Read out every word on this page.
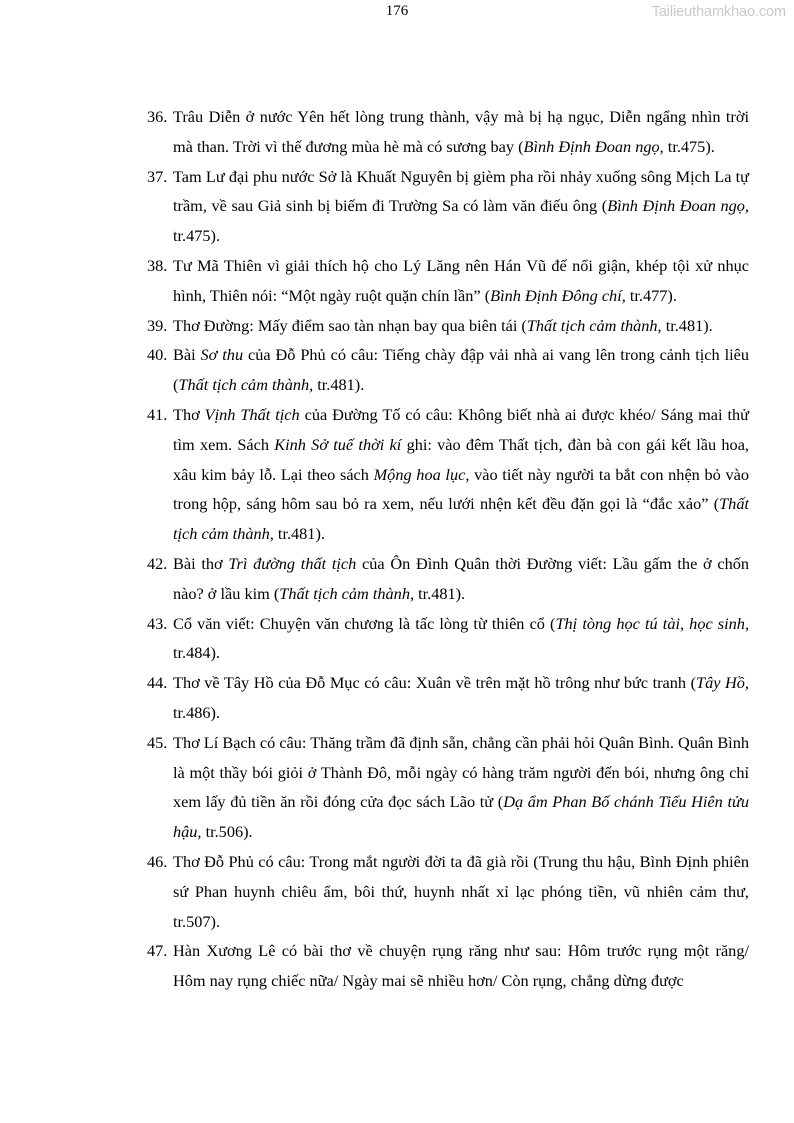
176	Tailieuthamkhao.com
36. Trâu Diễn ở nước Yên hết lòng trung thành, vậy mà bị hạ ngục, Diễn ngẩng nhìn trời mà than. Trời vì thế đương mùa hè mà có sương bay (Bình Định Đoan ngọ, tr.475).
37. Tam Lư đại phu nước Sở là Khuất Nguyên bị gièm pha rồi nhảy xuống sông Mịch La tự trầm, về sau Giả sinh bị biếm đi Trường Sa có làm văn điếu ông (Bình Định Đoan ngọ, tr.475).
38. Tư Mã Thiên vì giải thích hộ cho Lý Lăng nên Hán Vũ đế nổi giận, khép tội xử nhục hình, Thiên nói: “Một ngày ruột quặn chín lần” (Bình Định Đông chí, tr.477).
39. Thơ Đường: Mấy điểm sao tàn nhạn bay qua biên tái (Thất tịch cảm thành, tr.481).
40. Bài Sơ thu của Đỗ Phủ có câu: Tiếng chày đập vải nhà ai vang lên trong cảnh tịch liêu (Thất tịch cảm thành, tr.481).
41. Thơ Vịnh Thất tịch của Đường Tố có câu: Không biết nhà ai được khéo/ Sáng mai thử tìm xem. Sách Kinh Sở tuế thời kí ghi: vào đêm Thất tịch, đàn bà con gái kết lầu hoa, xâu kim bảy lỗ. Lại theo sách Mộng hoa lục, vào tiết này người ta bắt con nhện bỏ vào trong hộp, sáng hôm sau bỏ ra xem, nếu lưới nhện kết đều đặn gọi là “đắc xảo” (Thất tịch cảm thành, tr.481).
42. Bài thơ Trì đường thất tịch của Ôn Đình Quân thời Đường viết: Lầu gấm the ở chốn nào? ở lầu kim (Thất tịch cảm thành, tr.481).
43. Cổ văn viết: Chuyện văn chương là tấc lòng từ thiên cổ (Thị tòng học tú tài, học sinh, tr.484).
44. Thơ về Tây Hồ của Đỗ Mục có câu: Xuân về trên mặt hồ trông như bức tranh (Tây Hồ, tr.486).
45. Thơ Lí Bạch có câu: Thăng trầm đã định sẵn, chẳng cần phải hỏi Quân Bình. Quân Bình là một thầy bói giỏi ở Thành Đô, mỗi ngày có hàng trăm người đến bói, nhưng ông chỉ xem lấy đủ tiền ăn rồi đóng cửa đọc sách Lão tử (Dạ ẩm Phan Bố chánh Tiểu Hiên tửu hậu, tr.506).
46. Thơ Đỗ Phủ có câu: Trong mắt người đời ta đã già rồi (Trung thu hậu, Bình Định phiên sứ Phan huynh chiêu ẩm, bôi thứ, huynh nhất xỉ lạc phóng tiền, vũ nhiên cảm thư, tr.507).
47. Hàn Xương Lê có bài thơ về chuyện rụng răng như sau: Hôm trước rụng một răng/ Hôm nay rụng chiếc nữa/ Ngày mai sẽ nhiều hơn/ Còn rụng, chẳng dừng được
